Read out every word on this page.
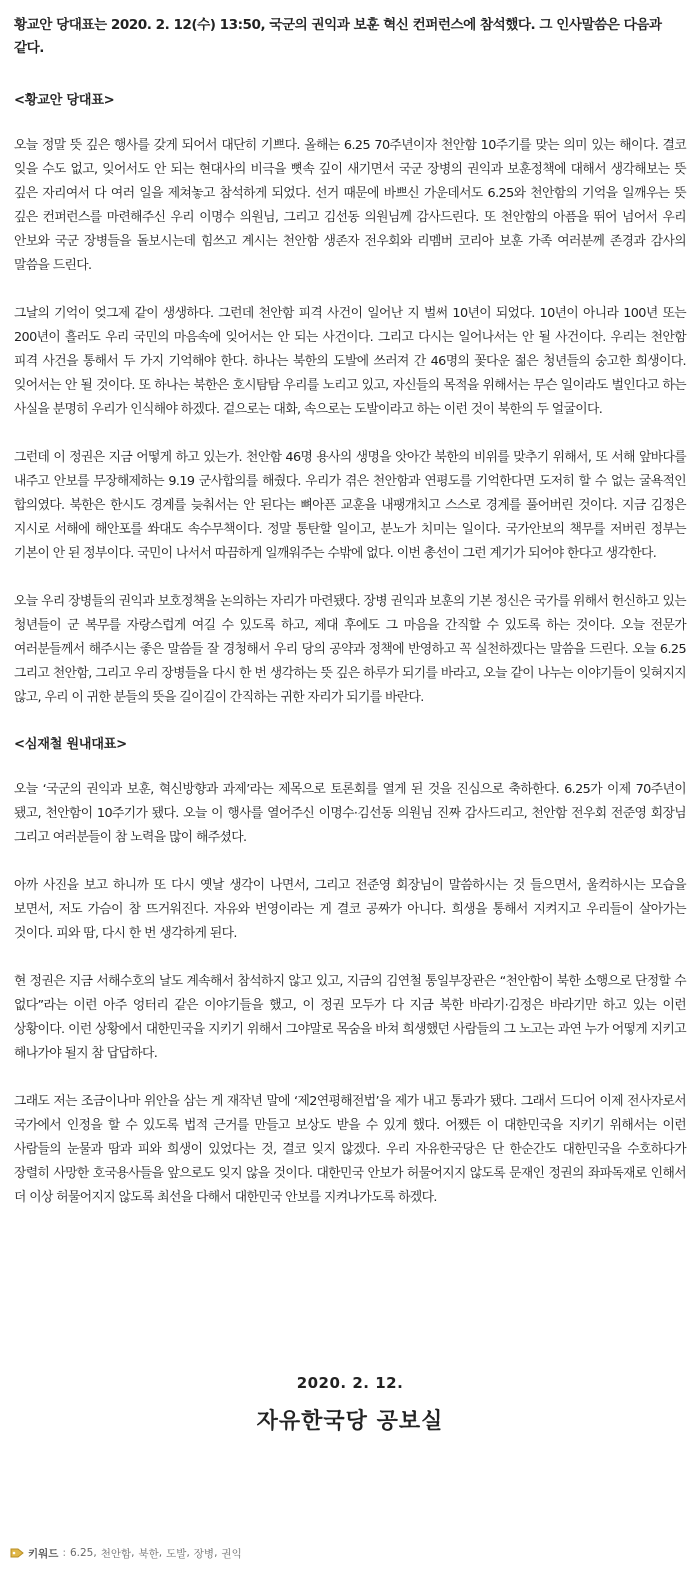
황교안 당대표는 2020. 2. 12(수) 13:50, 국군의 권익과 보훈 혁신 컨퍼런스에 참석했다. 그 인사말씀은 다음과 같다.

<황교안 당대표>

오늘 정말 뜻 깊은 행사를 갖게 되어서 대단히 기쁘다. 올해는 6.25 70주년이자 천안함 10주기를 맞는 의미 있는 해이다. 결코 잊을 수도 없고, 잊어서도 안 되는 현대사의 비극을 뼛속 깊이 새기면서 국군 장병의 권익과 보훈정책에 대해서 생각해보는 뜻 깊은 자리여서 다 여러 일을 제쳐놓고 참석하게 되었다. 선거 때문에 바쁘신 가운데서도 6.25와 천안함의 기억을 일깨우는 뜻 깊은 컨퍼런스를 마련해주신 우리 이명수 의원님, 그리고 김선동 의원님께 감사드린다. 또 천안함의 아픔을 뛰어 넘어서 우리 안보와 국군 장병들을 돌보시는데 힘쓰고 계시는 천안함 생존자 전우회와 리멤버 코리아 보훈 가족 여러분께 존경과 감사의 말씀을 드린다.

그날의 기억이 엊그제 같이 생생하다. 그런데 천안함 피격 사건이 일어난 지 벌써 10년이 되었다. 10년이 아니라 100년 또는 200년이 흘러도 우리 국민의 마음속에 잊어서는 안 되는 사건이다. 그리고 다시는 일어나서는 안 될 사건이다. 우리는 천안함 피격 사건을 통해서 두 가지 기억해야 한다. 하나는 북한의 도발에 쓰러져 간 46명의 꽃다운 젊은 청년들의 숭고한 희생이다. 잊어서는 안 될 것이다. 또 하나는 북한은 호시탐탐 우리를 노리고 있고, 자신들의 목적을 위해서는 무슨 일이라도 벌인다고 하는 사실을 분명히 우리가 인식해야 하겠다. 겉으로는 대화, 속으로는 도발이라고 하는 이런 것이 북한의 두 얼굴이다.

그런데 이 정권은 지금 어떻게 하고 있는가. 천안함 46명 용사의 생명을 앗아간 북한의 비위를 맞추기 위해서, 또 서해 앞바다를 내주고 안보를 무장해제하는 9.19 군사합의를 해줬다. 우리가 겪은 천안함과 연평도를 기억한다면 도저히 할 수 없는 굴욕적인 합의였다. 북한은 한시도 경계를 늦춰서는 안 된다는 뼈아픈 교훈을 내팽개치고 스스로 경계를 풀어버린 것이다. 지금 김정은 지시로 서해에 해안포를 쏴대도 속수무책이다. 정말 통탄할 일이고, 분노가 치미는 일이다. 국가안보의 책무를 저버린 정부는 기본이 안 된 정부이다. 국민이 나서서 따끔하게 일깨워주는 수밖에 없다. 이번 총선이 그런 계기가 되어야 한다고 생각한다.

오늘 우리 장병들의 권익과 보호정책을 논의하는 자리가 마련됐다. 장병 권익과 보훈의 기본 정신은 국가를 위해서 헌신하고 있는 청년들이 군 복무를 자랑스럽게 여길 수 있도록 하고, 제대 후에도 그 마음을 간직할 수 있도록 하는 것이다. 오늘 전문가 여러분들께서 해주시는 좋은 말씀들 잘 경청해서 우리 당의 공약과 정책에 반영하고 꼭 실천하겠다는 말씀을 드린다. 오늘 6.25 그리고 천안함, 그리고 우리 장병들을 다시 한 번 생각하는 뜻 깊은 하루가 되기를 바라고, 오늘 같이 나누는 이야기들이 잊혀지지 않고, 우리 이 귀한 분들의 뜻을 길이길이 간직하는 귀한 자리가 되기를 바란다.

<심재철 원내대표>

오늘 ‘국군의 권익과 보훈, 혁신방향과 과제’라는 제목으로 토론회를 열게 된 것을 진심으로 축하한다. 6.25가 이제 70주년이 됐고, 천안함이 10주기가 됐다. 오늘 이 행사를 열어주신 이명수·김선동 의원님 진짜 감사드리고, 천안함 전우회 전준영 회장님 그리고 여러분들이 참 노력을 많이 해주셨다.

아까 사진을 보고 하니까 또 다시 옛날 생각이 나면서, 그리고 전준영 회장님이 말씀하시는 것 들으면서, 울컥하시는 모습을 보면서, 저도 가슴이 참 뜨거워진다. 자유와 번영이라는 게 결코 공짜가 아니다. 희생을 통해서 지켜지고 우리들이 살아가는 것이다. 피와 땀, 다시 한 번 생각하게 된다.

현 정권은 지금 서해수호의 날도 계속해서 참석하지 않고 있고, 지금의 김연철 통일부장관은 “천안함이 북한 소행으로 단정할 수 없다”라는 이런 아주 엉터리 같은 이야기들을 했고, 이 정권 모두가 다 지금 북한 바라기·김정은 바라기만 하고 있는 이런 상황이다. 이런 상황에서 대한민국을 지키기 위해서 그야말로 목숨을 바쳐 희생했던 사람들의 그 노고는 과연 누가 어떻게 지키고 해나가야 될지 참 답답하다.

그래도 저는 조금이나마 위안을 삼는 게 재작년 말에 ‘제2연평해전법’을 제가 내고 통과가 됐다. 그래서 드디어 이제 전사자로서 국가에서 인정을 할 수 있도록 법적 근거를 만들고 보상도 받을 수 있게 했다. 어쨌든 이 대한민국을 지키기 위해서는 이런 사람들의 눈물과 땀과 피와 희생이 있었다는 것, 결코 잊지 않겠다. 우리 자유한국당은 단 한순간도 대한민국을 수호하다가 장렬히 사망한 호국용사들을 앞으로도 잊지 않을 것이다. 대한민국 안보가 허물어지지 않도록 문재인 정권의 좌파독재로 인해서 더 이상 허물어지지 않도록 최선을 다해서 대한민국 안보를 지켜나가도록 하겠다.

2020. 2. 12.
자유한국당 공보실
키워드 : 6.25 , 천안함 , 북한 , 도발 , 장병 , 권익
